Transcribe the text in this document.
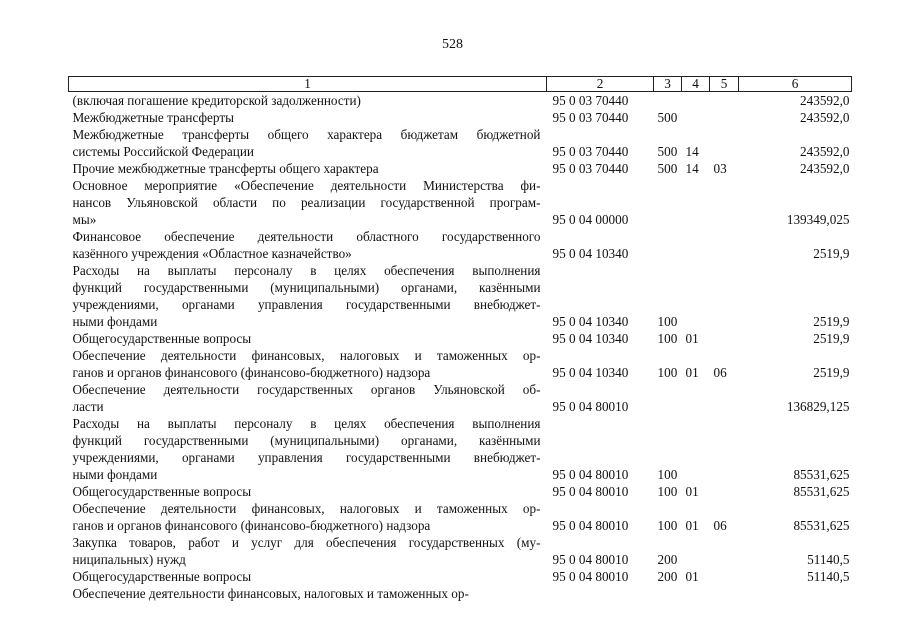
528
1	2	3	4	5	6

(включая погашение кредиторской задолженности)	95 0 03 70440				243592,0

Межбюджетные трансферты	95 0 03 70440	500			243592,0

Межбюджетные трансферты общего характера бюджетам бюджетной
системы Российской Федерации	95 0 03 70440	500	14		243592,0

Прочие межбюджетные трансферты общего характера	95 0 03 70440	500	14	03	243592,0

Основное мероприятие «Обеспечение деятельности Министерства фи-
нансов Ульяновской области по реализации государственной програм-
мы»	95 0 04 00000				139349,025

Финансовое обеспечение деятельности областного государственного
казённого учреждения «Областное казначейство»	95 0 04 10340				2519,9

Расходы на выплаты персоналу в целях обеспечения выполнения
функций государственными (муниципальными) органами, казёнными
учреждениями, органами управления государственными внебюджет-
ными фондами	95 0 04 10340	100			2519,9

Общегосударственные вопросы	95 0 04 10340	100	01		2519,9

Обеспечение деятельности финансовых, налоговых и таможенных ор-
ганов и органов финансового (финансово-бюджетного) надзора	95 0 04 10340	100	01	06	2519,9

Обеспечение деятельности государственных органов Ульяновской об-
ласти	95 0 04 80010				136829,125

Расходы на выплаты персоналу в целях обеспечения выполнения
функций государственными (муниципальными) органами, казёнными
учреждениями, органами управления государственными внебюджет-
ными фондами	95 0 04 80010	100			85531,625

Общегосударственные вопросы	95 0 04 80010	100	01		85531,625

Обеспечение деятельности финансовых, налоговых и таможенных ор-
ганов и органов финансового (финансово-бюджетного) надзора	95 0 04 80010	100	01	06	85531,625

Закупка товаров, работ и услуг для обеспечения государственных (му-
ниципальных) нужд	95 0 04 80010	200			51140,5

Общегосударственные вопросы	95 0 04 80010	200	01		51140,5

Обеспечение деятельности финансовых, налоговых и таможенных ор-					
